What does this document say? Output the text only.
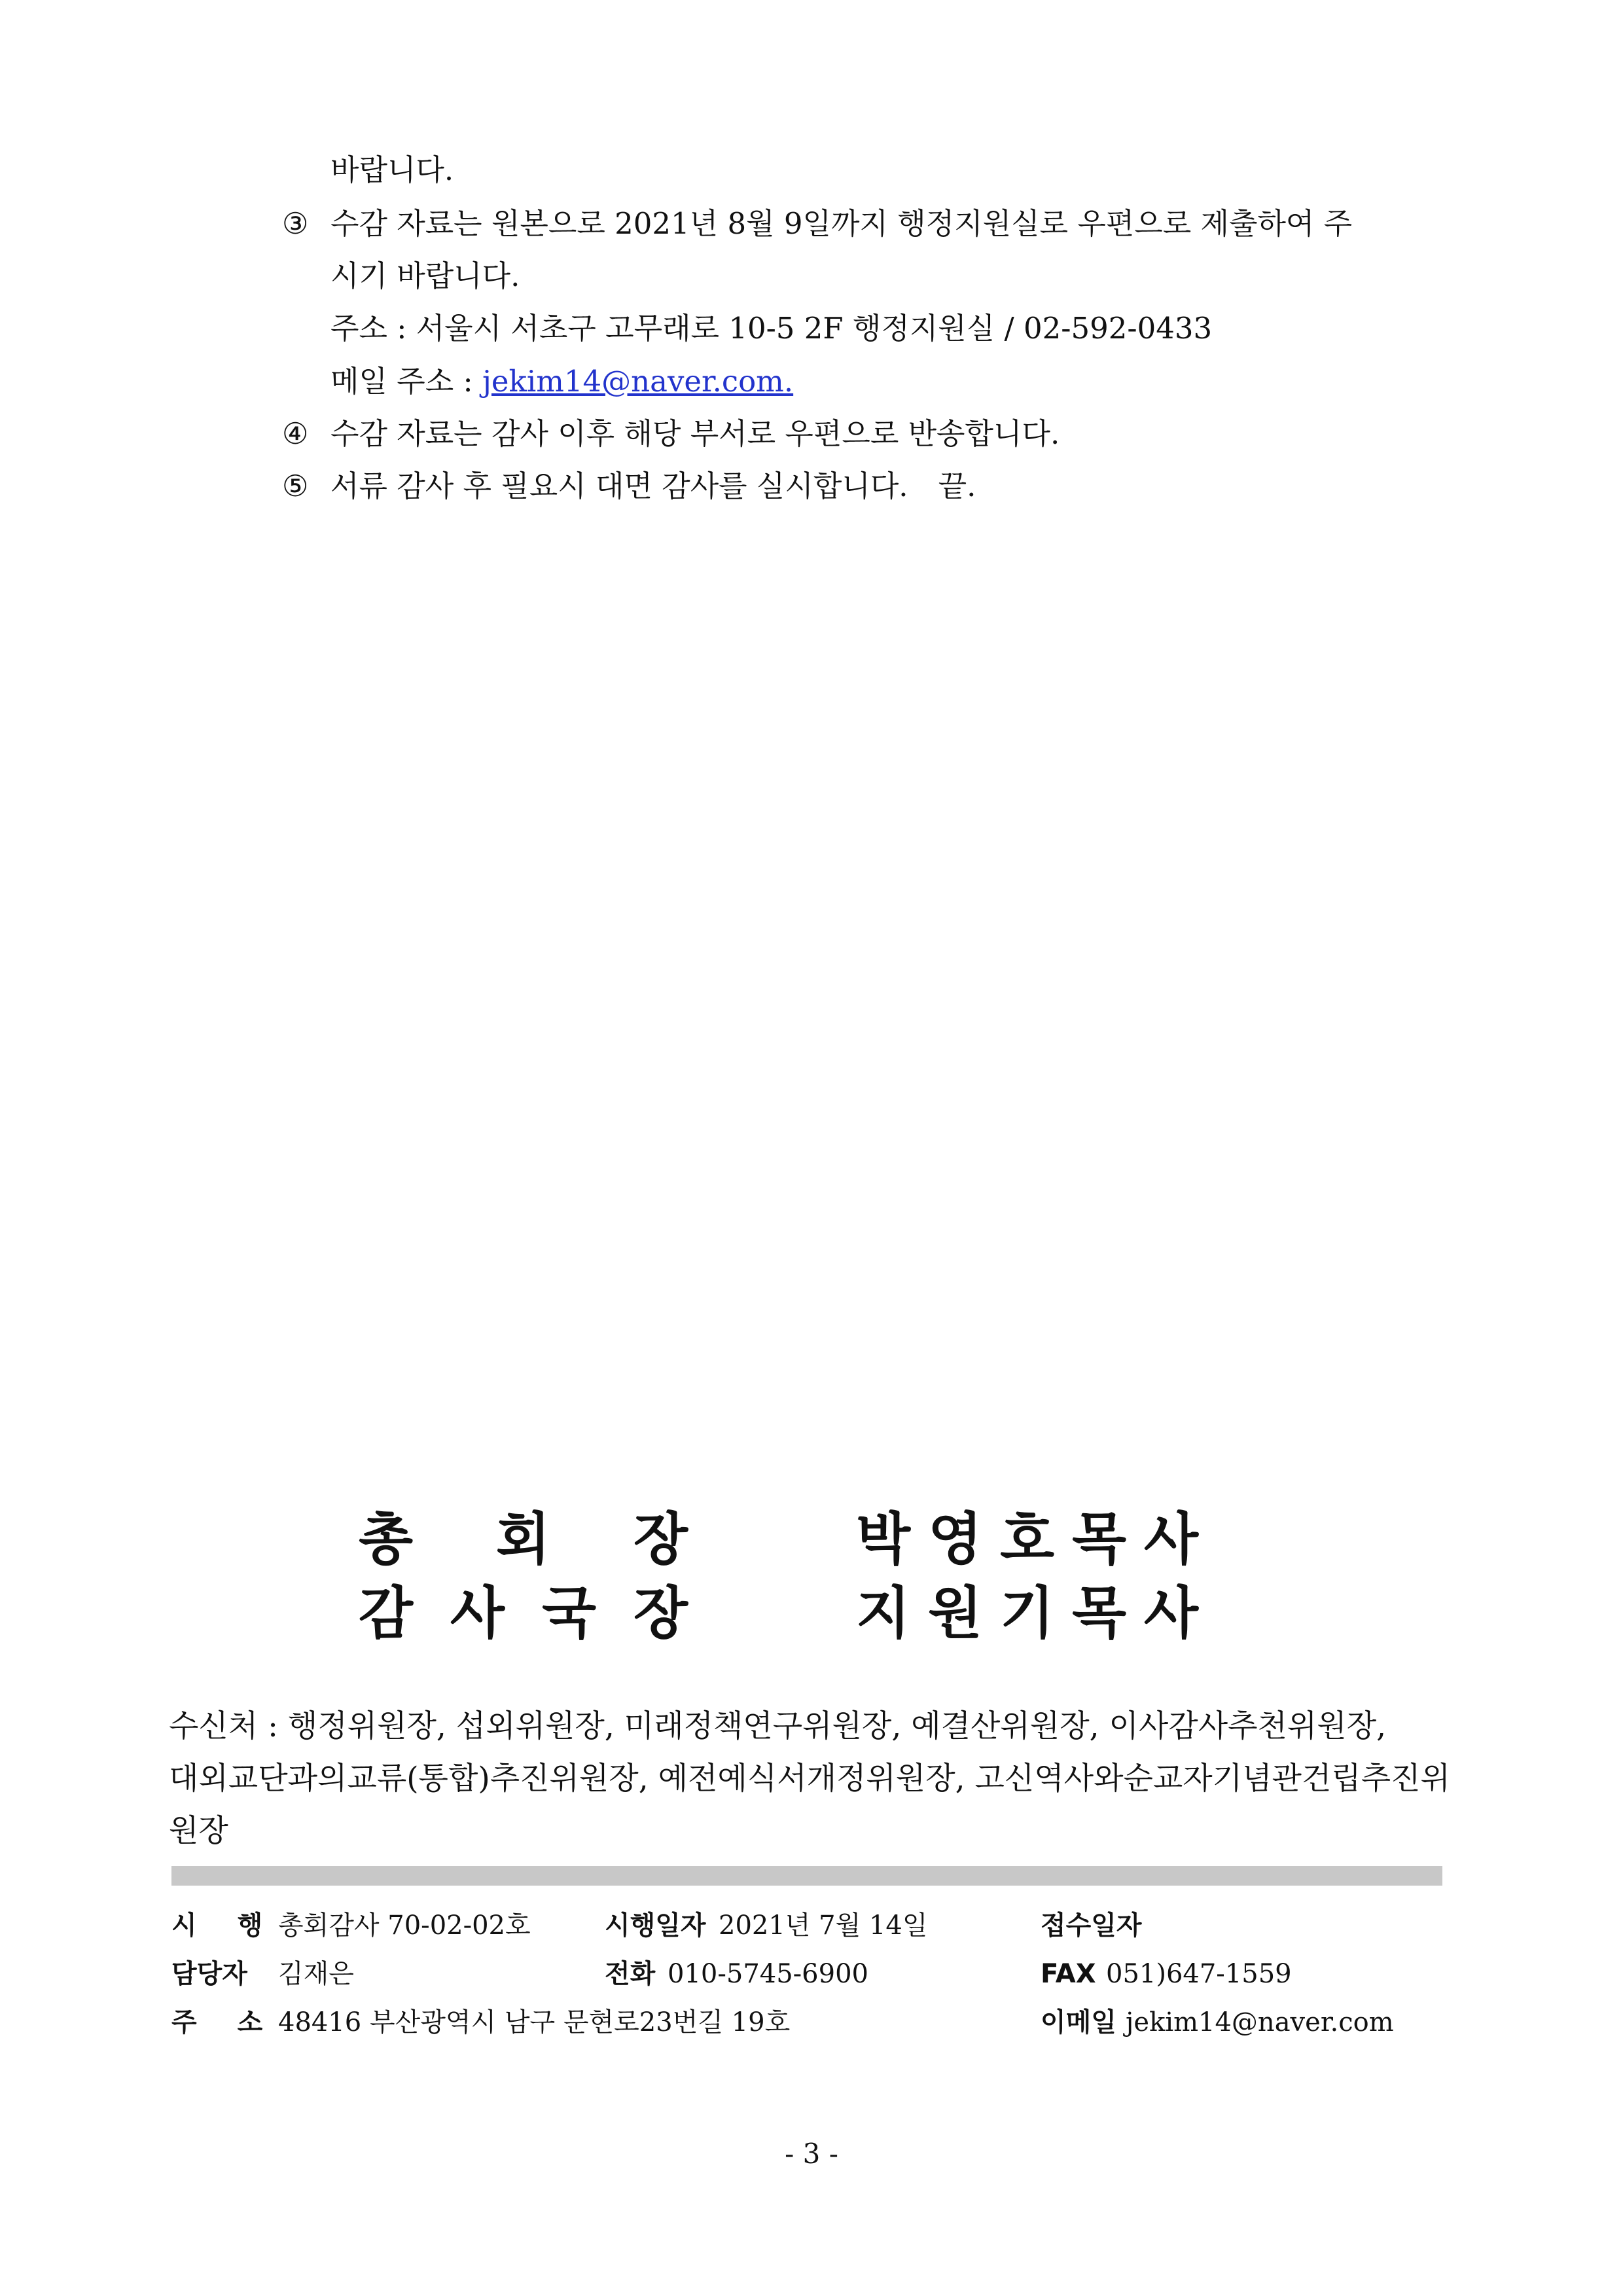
바랍니다.
③ 수감 자료는 원본으로 2021년 8월 9일까지 행정지원실로 우편으로 제출하여 주
시기 바랍니다.
주소 : 서울시 서초구 고무래로 10-5 2F 행정지원실 / 02-592-0433
메일 주소 : jekim14@naver.com.
④ 수감 자료는 감사 이후 해당 부서로 우편으로 반송합니다.
⑤ 서류 감사 후 필요시 대면 감사를 실시합니다. 끝.
총 회 장	박 영 호 목 사
감 사 국 장	지 원 기 목 사
수신처 : 행정위원장, 섭외위원장, 미래정책연구위원장, 예결산위원장, 이사감사추천위원장,
대외교단과의교류(통합)추진위원장, 예전예식서개정위원장, 고신역사와순교자기념관건립추진위
원장
시 행 총회감사 70-02-02호	시행일자 2021년 7월 14일	접수일자
담당자 김재은	전화 010-5745-6900	FAX 051)647-1559
주 소 48416 부산광역시 남구 문현로23번길 19호	이메일 jekim14@naver.com
- 3 -
